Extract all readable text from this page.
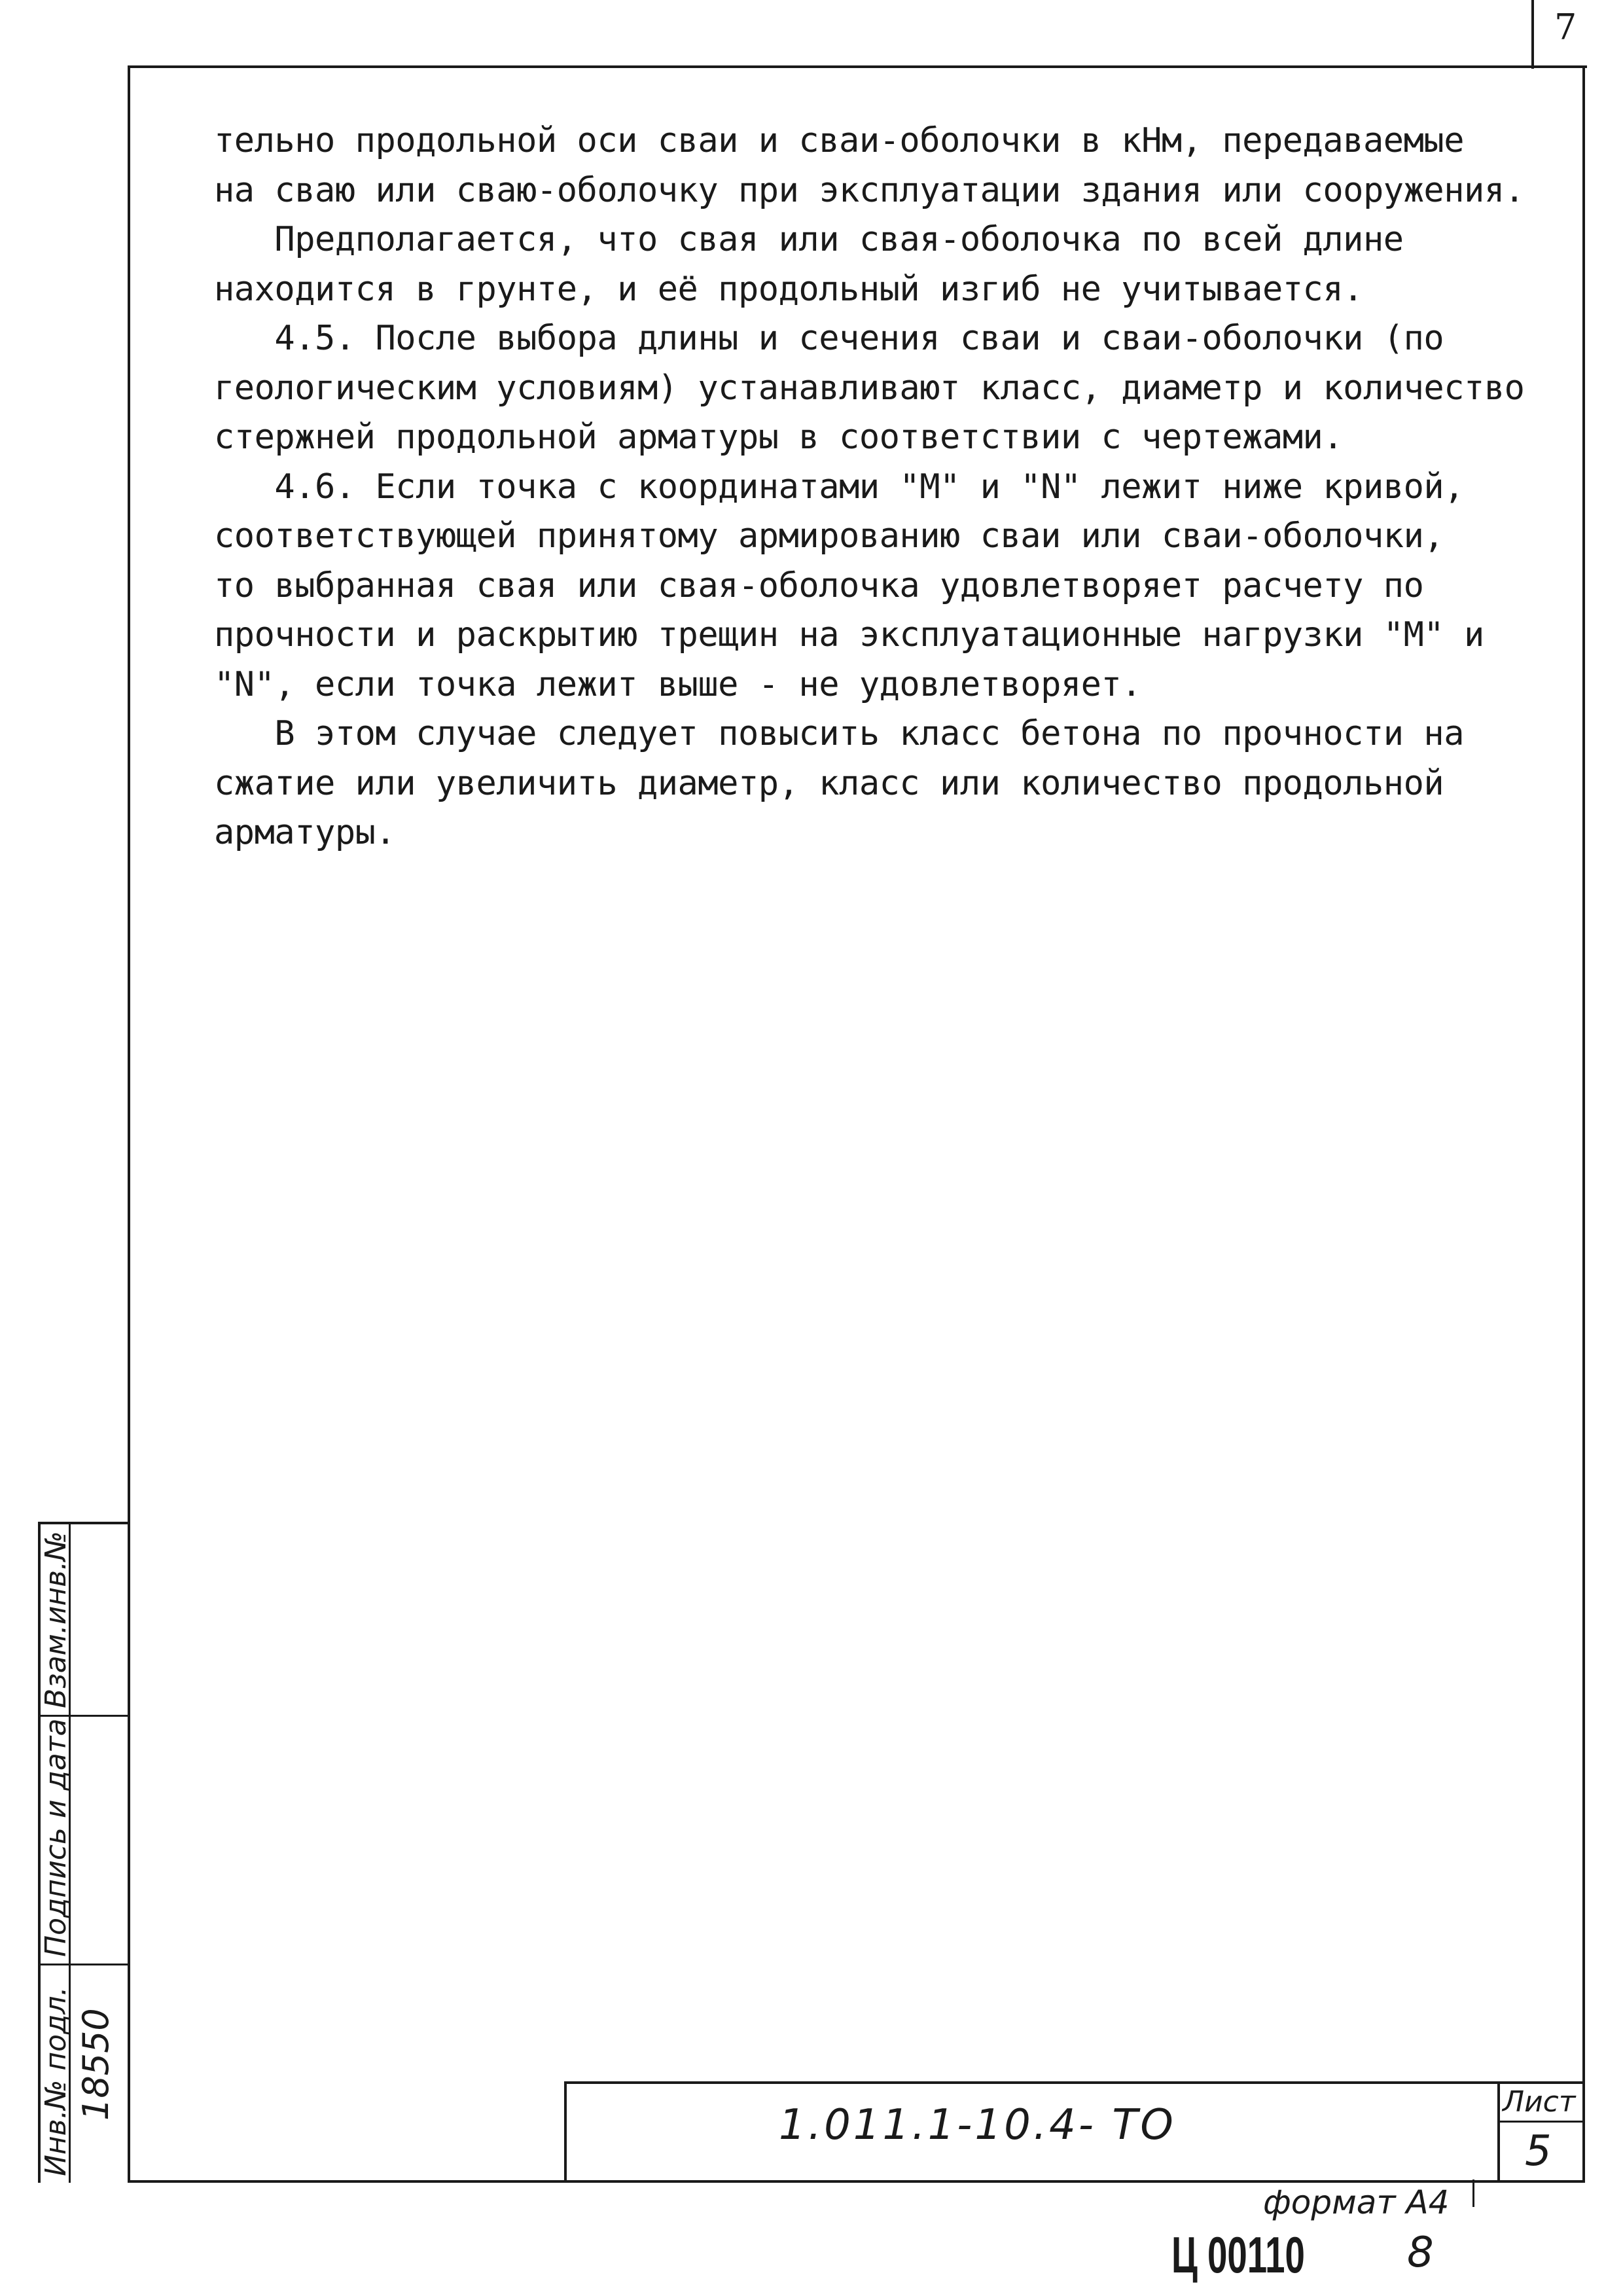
7

тельно продольной оси сваи и сваи-оболочки в кНм, передаваемые

на сваю или сваю-оболочку при эксплуатации здания или сооружения.

Предполагается, что свая или свая-оболочка по всей длине

находится в грунте, и её продольный изгиб не учитывается.

4.5. После выбора длины и сечения сваи и сваи-оболочки (по

геологическим условиям) устанавливают класс, диаметр и количество

стержней продольной арматуры в соответствии с чертежами.

4.6. Если точка с координатами "М" и "N" лежит ниже кривой,

соответствующей принятому армированию сваи или сваи-оболочки,

то выбранная свая или свая-оболочка удовлетворяет расчету по

прочности и раскрытию трещин на эксплуатационные нагрузки "М" и

"N", если точка лежит выше - не удовлетворяет.

В этом случае следует повысить класс бетона по прочности на

сжатие или увеличить диаметр, класс или количество продольной

арматуры.

1.011.1-10.4- ТО	Лист
5
Взам.инв.№
Подпись и дата
Инв.№ подл. 18550
формат А4
Ц 00110 8
